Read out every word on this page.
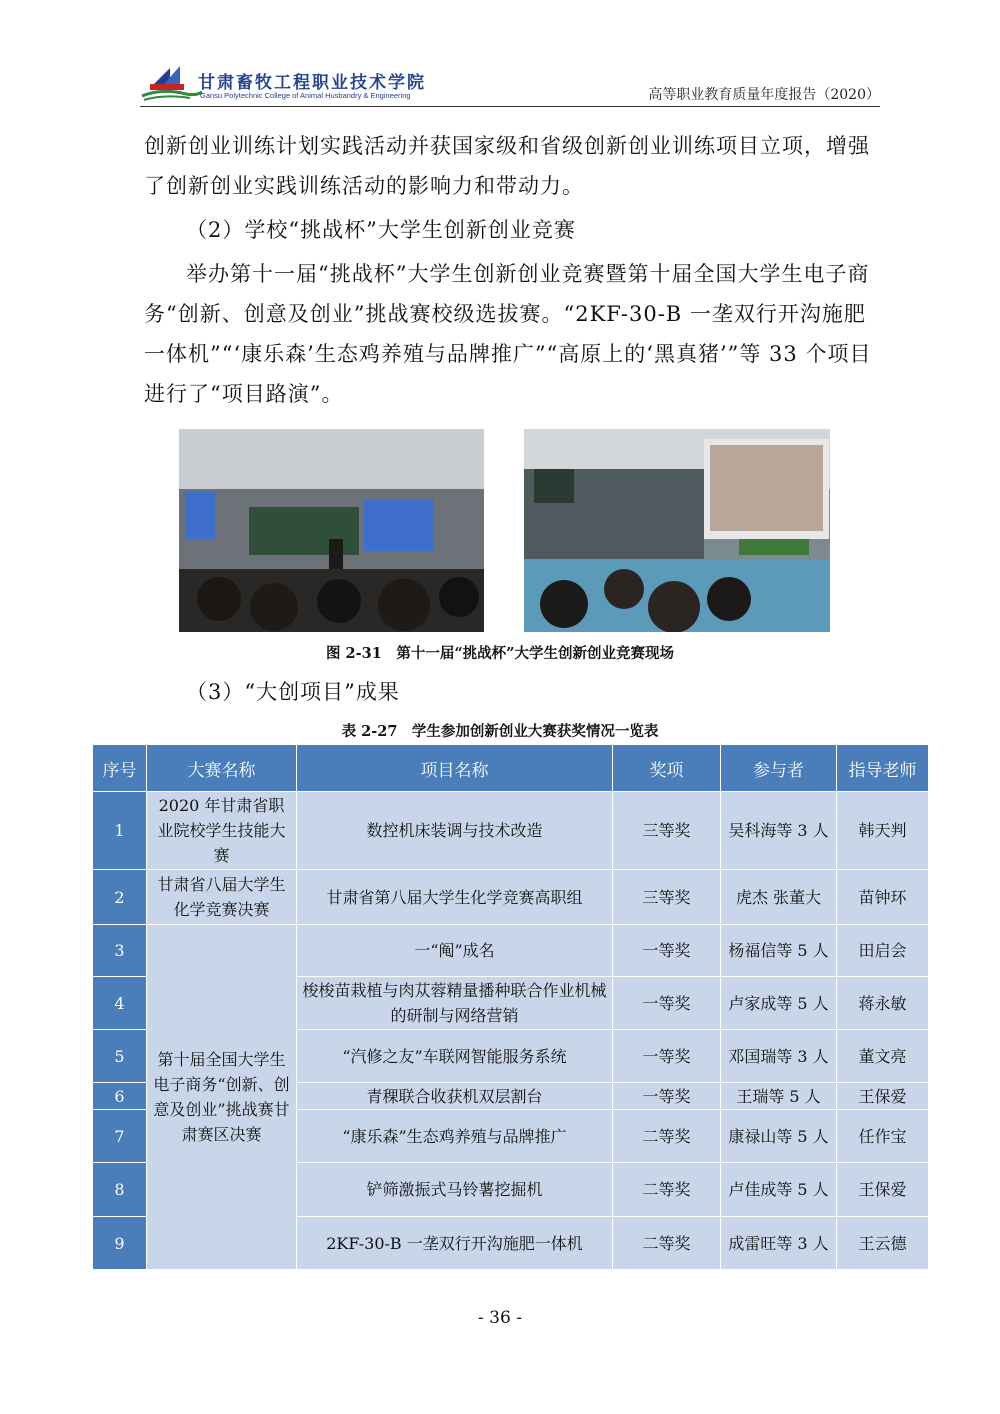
甘肃畜牧工程职业技术学院
Gansu Polytechnic College of Animal Husbandry & Engineering	高等职业教育质量年度报告（2020）

创新创业训练计划实践活动并获国家级和省级创新创业训练项目立项，增强了创新创业实践训练活动的影响力和带动力。

（2）学校“挑战杯”大学生创新创业竞赛

举办第十一届“挑战杯”大学生创新创业竞赛暨第十届全国大学生电子商务“创新、创意及创业”挑战赛校级选拔赛。“2KF-30-B 一垄双行开沟施肥一体机”“‘康乐森’生态鸡养殖与品牌推广”“高原上的‘黑真猪’”等 33 个项目进行了“项目路演”。

图 2-31　第十一届“挑战杯”大学生创新创业竞赛现场

（3）“大创项目”成果

表 2-27　学生参加创新创业大赛获奖情况一览表
序号	大赛名称	项目名称	奖项	参与者	指导老师
1	2020 年甘肃省职业院校学生技能大赛	数控机床装调与技术改造	三等奖	吴科海等 3 人	韩天判
2	甘肃省八届大学生化学竞赛决赛	甘肃省第八届大学生化学竞赛高职组	三等奖	虎杰 张董大	苗钟环
3	第十届全国大学生电子商务“创新、创意及创业”挑战赛甘肃赛区决赛	一“阄”成名	一等奖	杨福信等 5 人	田启会
4		梭梭苗栽植与肉苁蓉精量播种联合作业机械的研制与网络营销	一等奖	卢家成等 5 人	蒋永敏
5		“汽修之友”车联网智能服务系统	一等奖	邓国瑞等 3 人	董文亮
6		青稞联合收获机双层割台	一等奖	王瑞等 5 人	王保爱
7		“康乐森”生态鸡养殖与品牌推广	二等奖	康禄山等 5 人	任作宝
8		铲筛激振式马铃薯挖掘机	二等奖	卢佳成等 5 人	王保爱
9		2KF-30-B 一垄双行开沟施肥一体机	二等奖	成雷旺等 3 人	王云德
- 36 -
